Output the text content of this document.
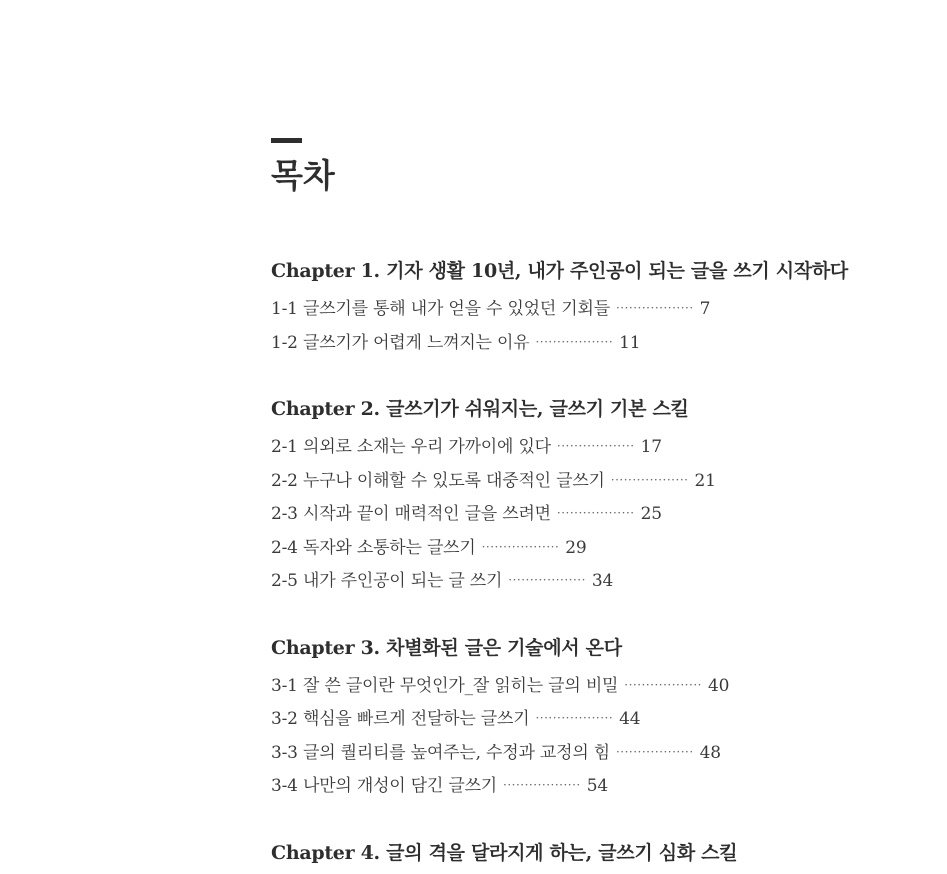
목차
Chapter 1. 기자 생활 10년, 내가 주인공이 되는 글을 쓰기 시작하다
1-1 글쓰기를 통해 내가 얻을 수 있었던 기회들 ·················· 7
1-2 글쓰기가 어렵게 느껴지는 이유 ·················· 11
Chapter 2. 글쓰기가 쉬워지는, 글쓰기 기본 스킬
2-1 의외로 소재는 우리 가까이에 있다 ·················· 17
2-2 누구나 이해할 수 있도록 대중적인 글쓰기 ·················· 21
2-3 시작과 끝이 매력적인 글을 쓰려면 ·················· 25
2-4 독자와 소통하는 글쓰기 ·················· 29
2-5 내가 주인공이 되는 글 쓰기 ·················· 34
Chapter 3. 차별화된 글은 기술에서 온다
3-1 잘 쓴 글이란 무엇인가_잘 읽히는 글의 비밀 ·················· 40
3-2 핵심을 빠르게 전달하는 글쓰기 ·················· 44
3-3 글의 퀄리티를 높여주는, 수정과 교정의 힘 ·················· 48
3-4 나만의 개성이 담긴 글쓰기 ·················· 54
Chapter 4. 글의 격을 달라지게 하는, 글쓰기 심화 스킬
